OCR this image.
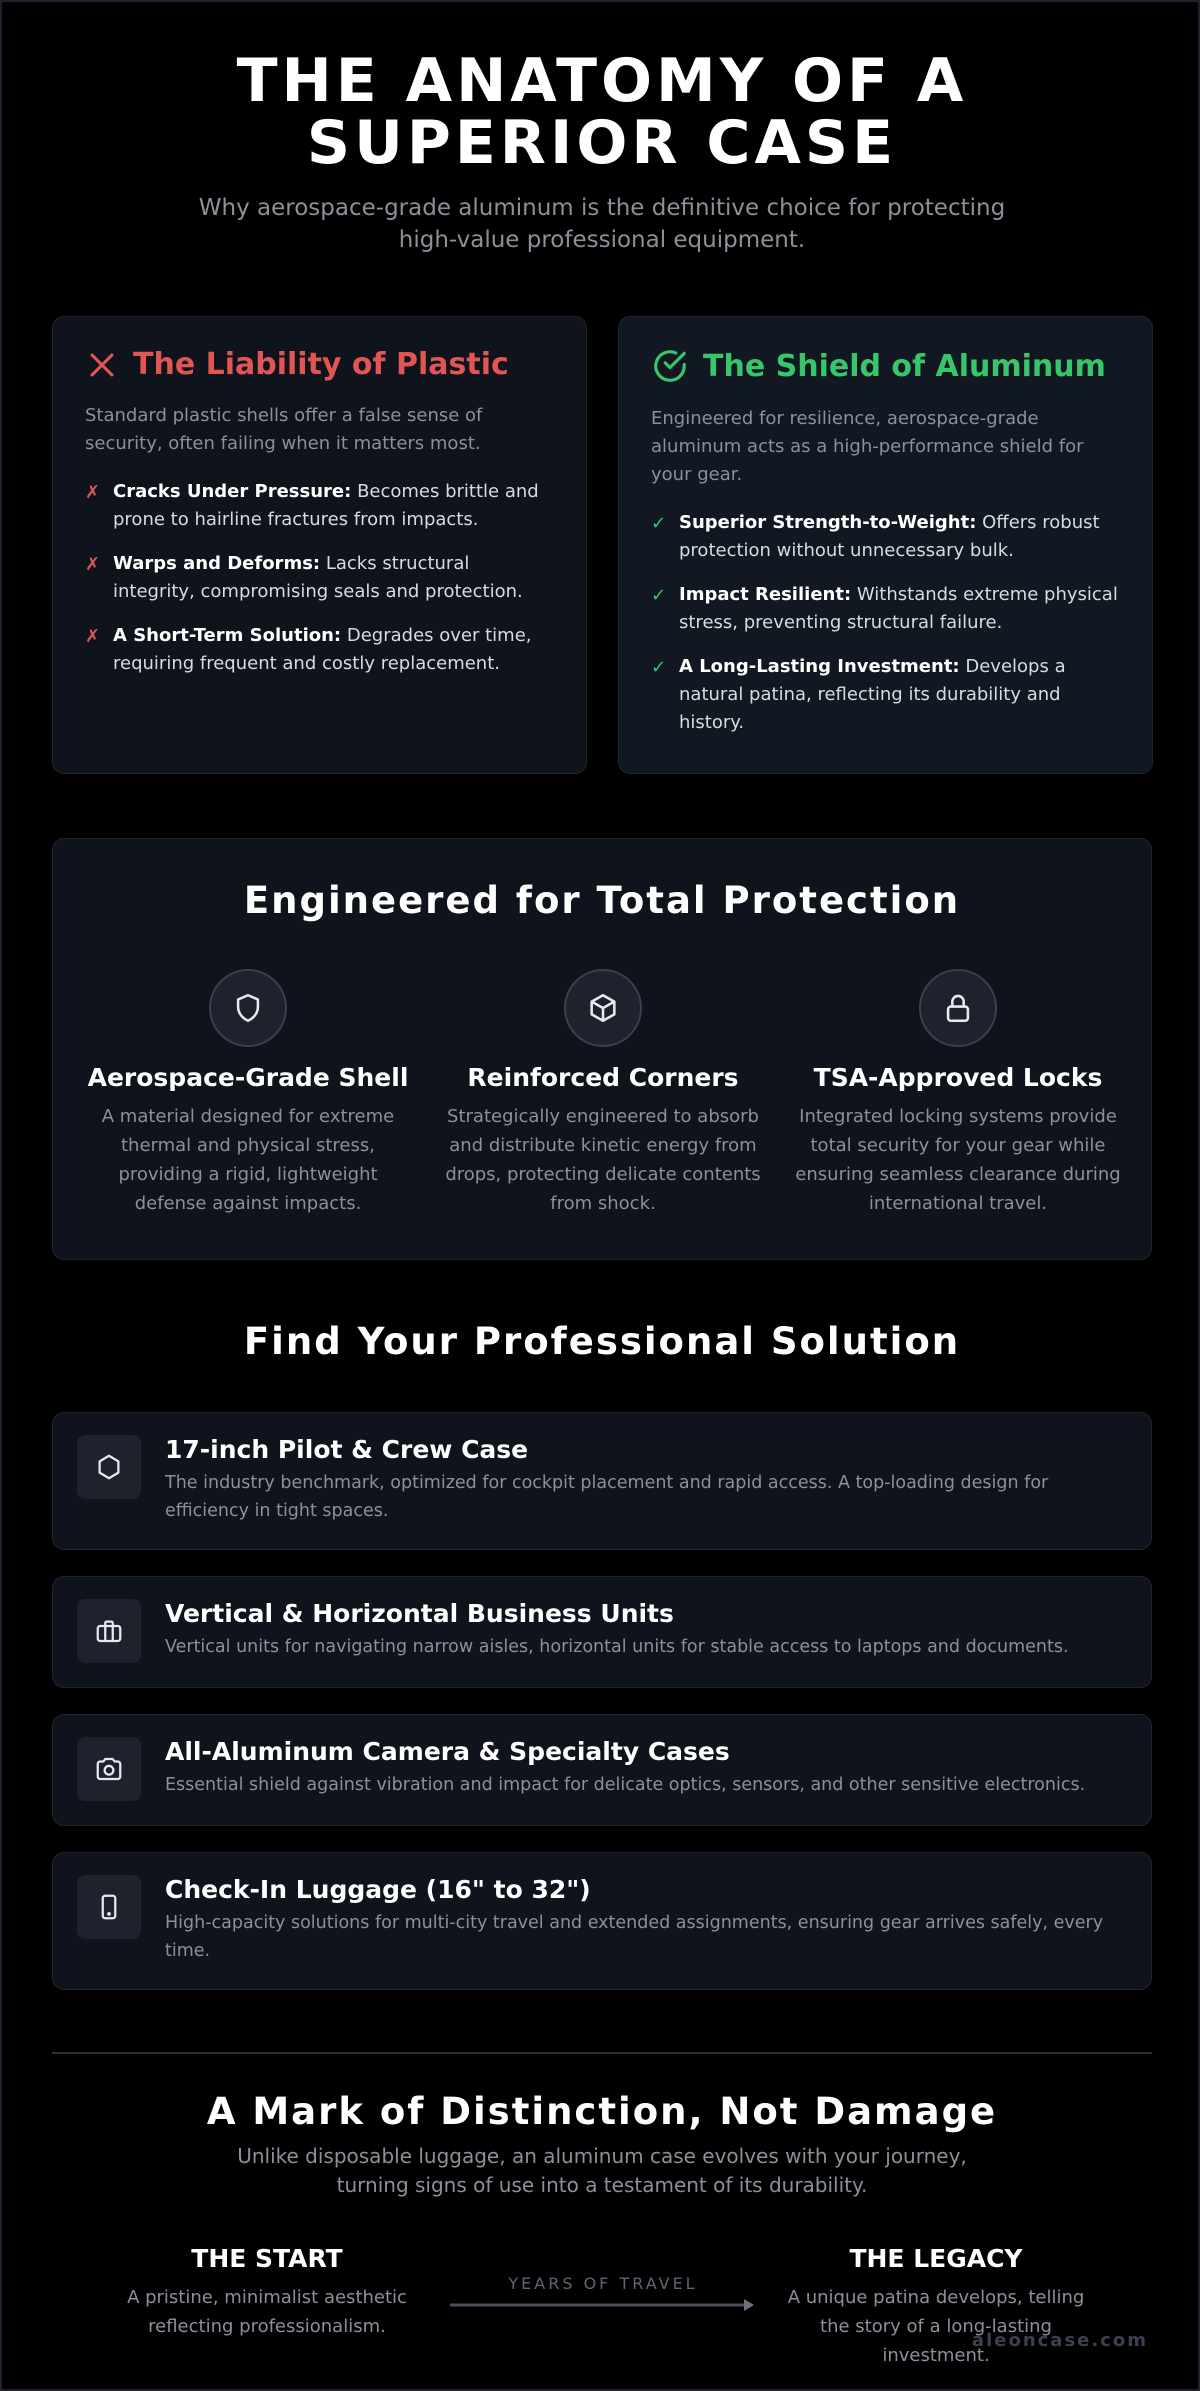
THE ANATOMY OF A SUPERIOR CASE

Why aerospace-grade aluminum is the definitive choice for protecting high-value professional equipment.

The Liability of Plastic

Standard plastic shells offer a false sense of security, often failing when it matters most.

✗ Cracks Under Pressure: Becomes brittle and prone to hairline fractures from impacts.
✗ Warps and Deforms: Lacks structural integrity, compromising seals and protection.
✗ A Short-Term Solution: Degrades over time, requiring frequent and costly replacement.
The Shield of Aluminum

Engineered for resilience, aerospace-grade aluminum acts as a high-performance shield for your gear.

✓ Superior Strength-to-Weight: Offers robust protection without unnecessary bulk.
✓ Impact Resilient: Withstands extreme physical stress, preventing structural failure.
✓ A Long-Lasting Investment: Develops a natural patina, reflecting its durability and history.
Engineered for Total Protection
Aerospace-Grade Shell

A material designed for extreme thermal and physical stress, providing a rigid, lightweight defense against impacts.

Reinforced Corners

Strategically engineered to absorb and distribute kinetic energy from drops, protecting delicate contents from shock.

TSA-Approved Locks

Integrated locking systems provide total security for your gear while ensuring seamless clearance during international travel.

Find Your Professional Solution
17-inch Pilot & Crew Case

The industry benchmark, optimized for cockpit placement and rapid access. A top-loading design for efficiency in tight spaces.

Vertical & Horizontal Business Units

Vertical units for navigating narrow aisles, horizontal units for stable access to laptops and documents.

All-Aluminum Camera & Specialty Cases

Essential shield against vibration and impact for delicate optics, sensors, and other sensitive electronics.

Check-In Luggage (16" to 32")

High-capacity solutions for multi-city travel and extended assignments, ensuring gear arrives safely, every time.

A Mark of Distinction, Not Damage

Unlike disposable luggage, an aluminum case evolves with your journey, turning signs of use into a testament of its durability.

THE START

A pristine, minimalist aesthetic reflecting professionalism.

YEARS OF TRAVEL
THE LEGACY

A unique patina develops, telling the story of a long-lasting investment.

aleoncase.com
